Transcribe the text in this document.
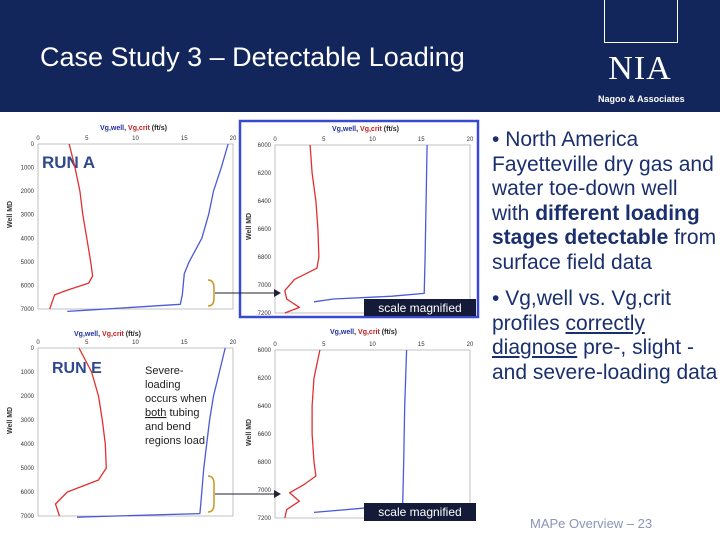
Case Study 3 – Detectable Loading	NIA
Nagoo & Associates
Vg,well, Vg,crit (ft/s)
Well MD
RUN A
0	5	10	15	20
0
1000
2000
3000
4000
5000
6000
7000
Vg,well, Vg,crit (ft/s)
Well MD
0	5	10	15	20
6000
6200
6400
6600
6800
7000
7200	scale magnified
Vg,well, Vg,crit (ft/s)
Well MD
RUN E
0	5	10	15	20
0
1000
2000
3000
4000
5000
6000
7000
Severe-
loading
occurs when
both tubing
and bend
regions load
Vg,well, Vg,crit (ft/s)
Well MD
0	5	10	15	20
6000
6200
6400
6600
6800
7000
7200	scale magnified

• North America Fayetteville dry gas and water toe-down well with different loading stages detectable from surface field data

• Vg,well vs. Vg,crit profiles correctly diagnose pre-, slight - and severe-loading data

MAPe Overview – 23
